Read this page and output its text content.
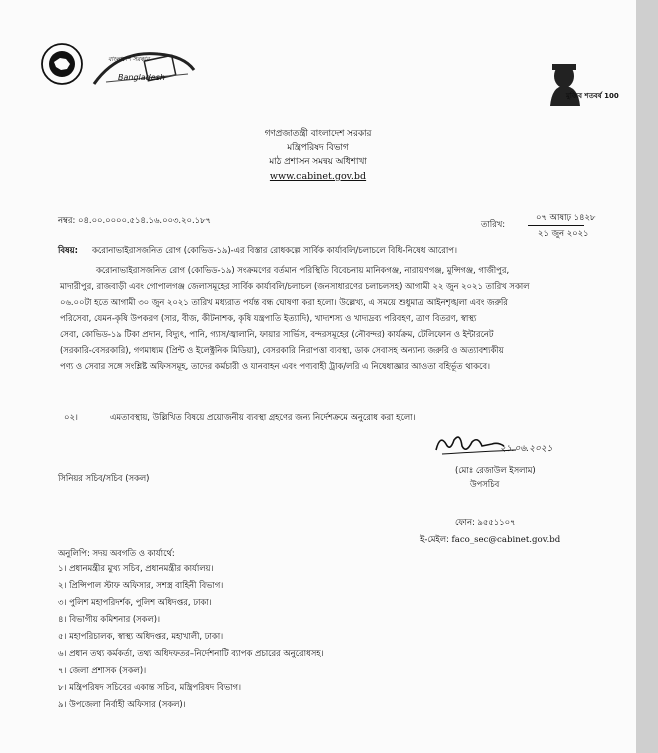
বাংলাদেশ সরকার
Bangladesh
মুজিব শতবর্ষ 100
গণপ্রজাতন্ত্রী বাংলাদেশ সরকার
মন্ত্রিপরিষদ বিভাগ
মাঠ প্রশাসন সমন্বয় অধিশাখা
www.cabinet.gov.bd
নম্বর: ০৪.০০.০০০০.৫১৪.১৬.০০৩.২০.১৮৭	তারিখ:
০৭ আষাঢ় ১৪২৮
২১ জুন ২০২১
বিষয়: করোনাভাইরাসজনিত রোগ (কোভিড-১৯)-এর বিস্তার রোধকল্পে সার্বিক কার্যাবলি/চলাচলে বিধি-নিষেধ আরোপ।
করোনাভাইরাসজনিত রোগ (কোভিড-১৯) সংক্রমণের বর্তমান পরিস্থিতি বিবেচনায় মানিকগঞ্জ, নারায়ণগঞ্জ, মুন্সিগঞ্জ, গাজীপুর,
মাদারীপুর, রাজবাড়ী এবং গোপালগঞ্জ জেলাসমূহের সার্বিক কার্যাবলি/চলাচল (জনসাধারণের চলাচলসহ) আগামী ২২ জুন ২০২১ তারিখ সকাল
০৬.০০টা হতে আগামী ৩০ জুন ২০২১ তারিখ মধ্যরাত পর্যন্ত বন্ধ ঘোষণা করা হলো। উল্লেখ্য, এ সময়ে শুধুমাত্র আইনশৃঙ্খলা এবং জরুরি
পরিসেবা, যেমন-কৃষি উপকরণ (সার, বীজ, কীটনাশক, কৃষি যন্ত্রপাতি ইত্যাদি), খাদ্যশস্য ও খাদ্যদ্রব্য পরিবহণ, ত্রাণ বিতরণ, স্বাস্থ্য
সেবা, কোভিড-১৯ টিকা প্রদান, বিদ্যুৎ, পানি, গ্যাস/জ্বালানি, ফায়ার সার্ভিস, বন্দরসমূহের (নৌবন্দর) কার্যক্রম, টেলিফোন ও ইন্টারনেট
(সরকারি-বেসরকারি), গণমাধ্যম (প্রিন্ট ও ইলেক্ট্রনিক মিডিয়া), বেসরকারি নিরাপত্তা ব্যবস্থা, ডাক সেবাসহ অন্যান্য জরুরি ও অত্যাবশ্যকীয়
পণ্য ও সেবার সঙ্গে সংশ্লিষ্ট অফিসসমূহ, তাদের কর্মচারী ও যানবাহন এবং পণ্যবাহী ট্রাক/লরি এ নিষেধাজ্ঞার আওতা বহির্ভূত থাকবে।
০২।	এমতাবস্থায়, উল্লিখিত বিষয়ে প্রয়োজনীয় ব্যবস্থা গ্রহণের জন্য নির্দেশক্রমে অনুরোধ করা হলো।
২১.০৬.২০২১
(মোঃ রেজাউল ইসলাম)
উপসচিব
সিনিয়র সচিব/সচিব (সকল)
ফোন: ৯৫৫১১০৭
ই-মেইল: faco_sec@cabinet.gov.bd
অনুলিপি: সদয় অবগতি ও কার্যার্থে:
১। প্রধানমন্ত্রীর মুখ্য সচিব, প্রধানমন্ত্রীর কার্যালয়।
২। প্রিন্সিপাল স্টাফ অফিসার, সশস্ত্র বাহিনী বিভাগ।
৩। পুলিশ মহাপরিদর্শক, পুলিশ অধিদপ্তর, ঢাকা।
৪। বিভাগীয় কমিশনার (সকল)।
৫। মহাপরিচালক, স্বাস্থ্য অধিদপ্তর, মহাখালী, ঢাকা।
৬। প্রধান তথ্য কর্মকর্তা, তথ্য অধিদফতর–নির্দেশনাটি ব্যাপক প্রচারের অনুরোধসহ।
৭। জেলা প্রশাসক (সকল)।
৮। মন্ত্রিপরিষদ সচিবের একান্ত সচিব, মন্ত্রিপরিষদ বিভাগ।
৯। উপজেলা নির্বাহী অফিসার (সকল)।
